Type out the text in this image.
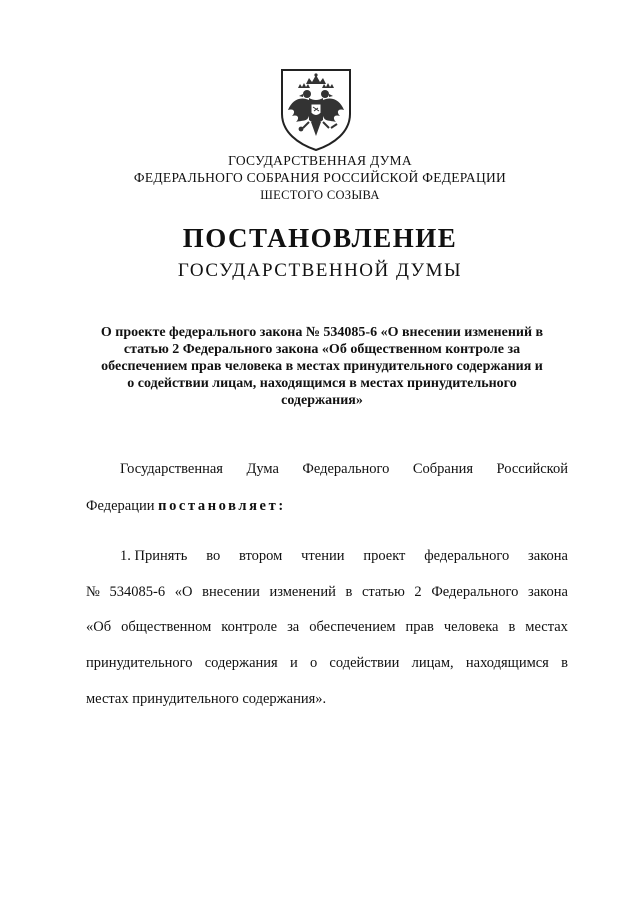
ГОСУДАРСТВЕННАЯ ДУМА
ФЕДЕРАЛЬНОГО СОБРАНИЯ РОССИЙСКОЙ ФЕДЕРАЦИИ
ШЕСТОГО СОЗЫВА
ПОСТАНОВЛЕНИЕ
ГОСУДАРСТВЕННОЙ ДУМЫ
О проекте федерального закона № 534085-6 «О внесении изменений в
статью 2 Федерального закона «Об общественном контроле за
обеспечением прав человека в местах принудительного содержания и
о содействии лицам, находящимся в местах принудительного
содержания»
Государственная Дума Федерального Собрания Российской
Федерации постановляет:
1. Принять во втором чтении проект федерального закона
№ 534085-6 «О внесении изменений в статью 2 Федерального закона
«Об общественном контроле за обеспечением прав человека в местах
принудительного содержания и о содействии лицам, находящимся в
местах принудительного содержания».
